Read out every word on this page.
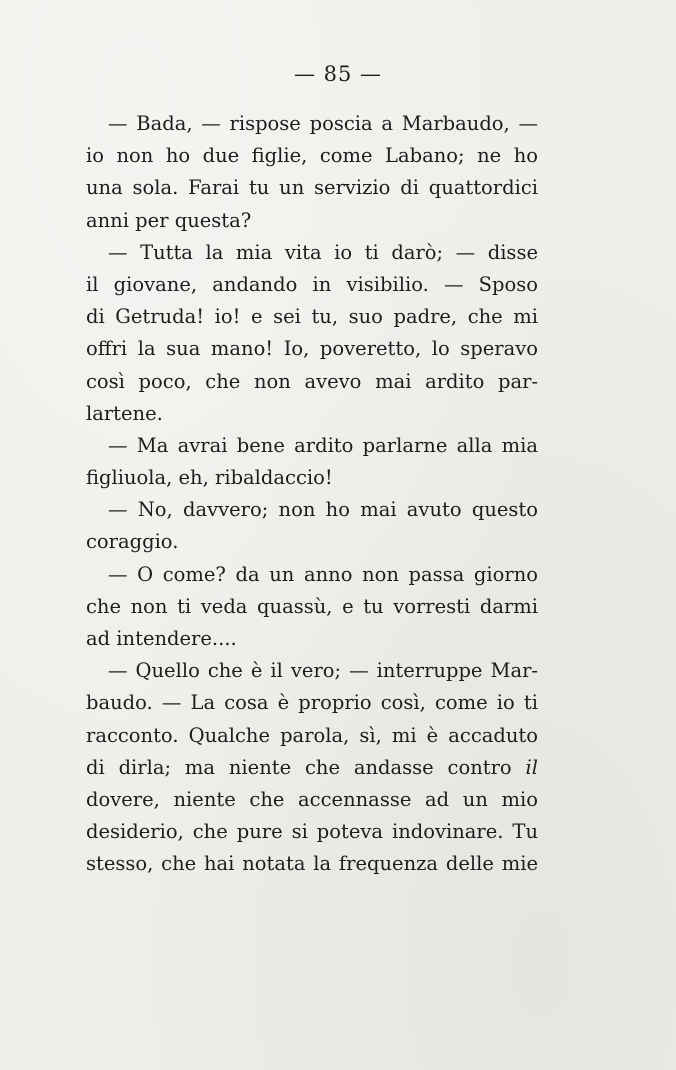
— 85 —
— Bada, — rispose poscia a Marbaudo, —
io non ho due figlie, come Labano; ne ho
una sola. Farai tu un servizio di quattordici
anni per questa?
— Tutta la mia vita io ti darò; — disse
il giovane, andando in visibilio. — Sposo
di Getruda! io! e sei tu, suo padre, che mi
offri la sua mano! Io, poveretto, lo speravo
così poco, che non avevo mai ardito par-
lartene.
— Ma avrai bene ardito parlarne alla mia
figliuola, eh, ribaldaccio!
— No, davvero; non ho mai avuto questo
coraggio.
— O come? da un anno non passa giorno
che non ti veda quassù, e tu vorresti darmi
ad intendere....
— Quello che è il vero; — interruppe Mar-
baudo. — La cosa è proprio così, come io ti
racconto. Qualche parola, sì, mi è accaduto
di dirla; ma niente che andasse contro il
dovere, niente che accennasse ad un mio
desiderio, che pure si poteva indovinare. Tu
stesso, che hai notata la frequenza delle mie
